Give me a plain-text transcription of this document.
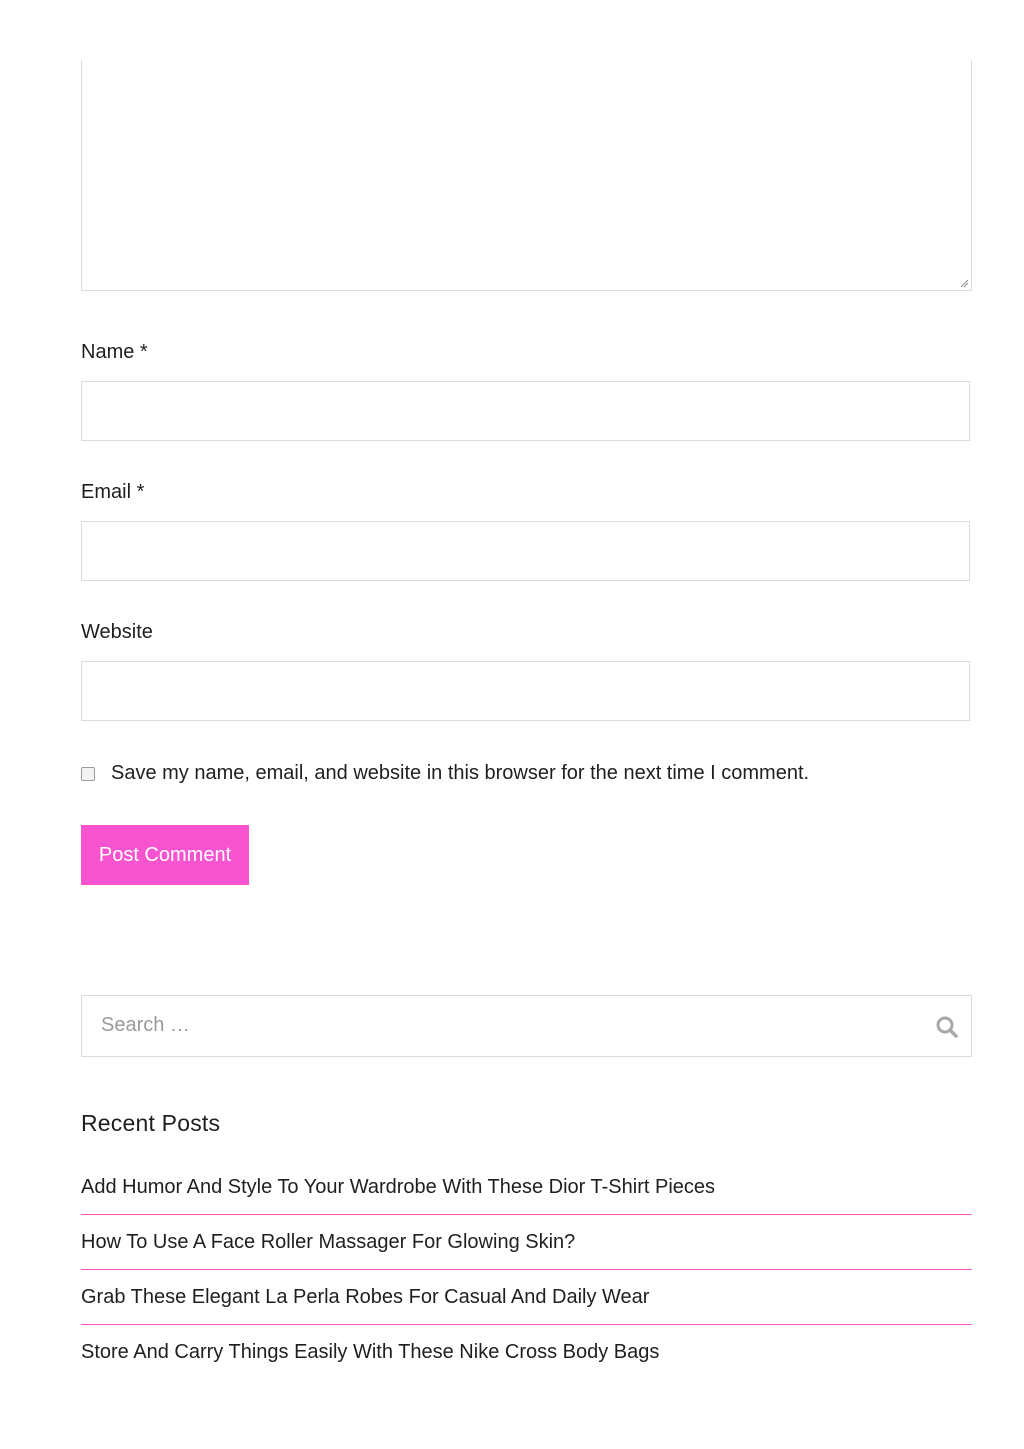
Name *
Email *
Website
Save my name, email, and website in this browser for the next time I comment.
Post Comment
Search …
Recent Posts
Add Humor And Style To Your Wardrobe With These Dior T-Shirt Pieces
How To Use A Face Roller Massager For Glowing Skin?
Grab These Elegant La Perla Robes For Casual And Daily Wear
Store And Carry Things Easily With These Nike Cross Body Bags
